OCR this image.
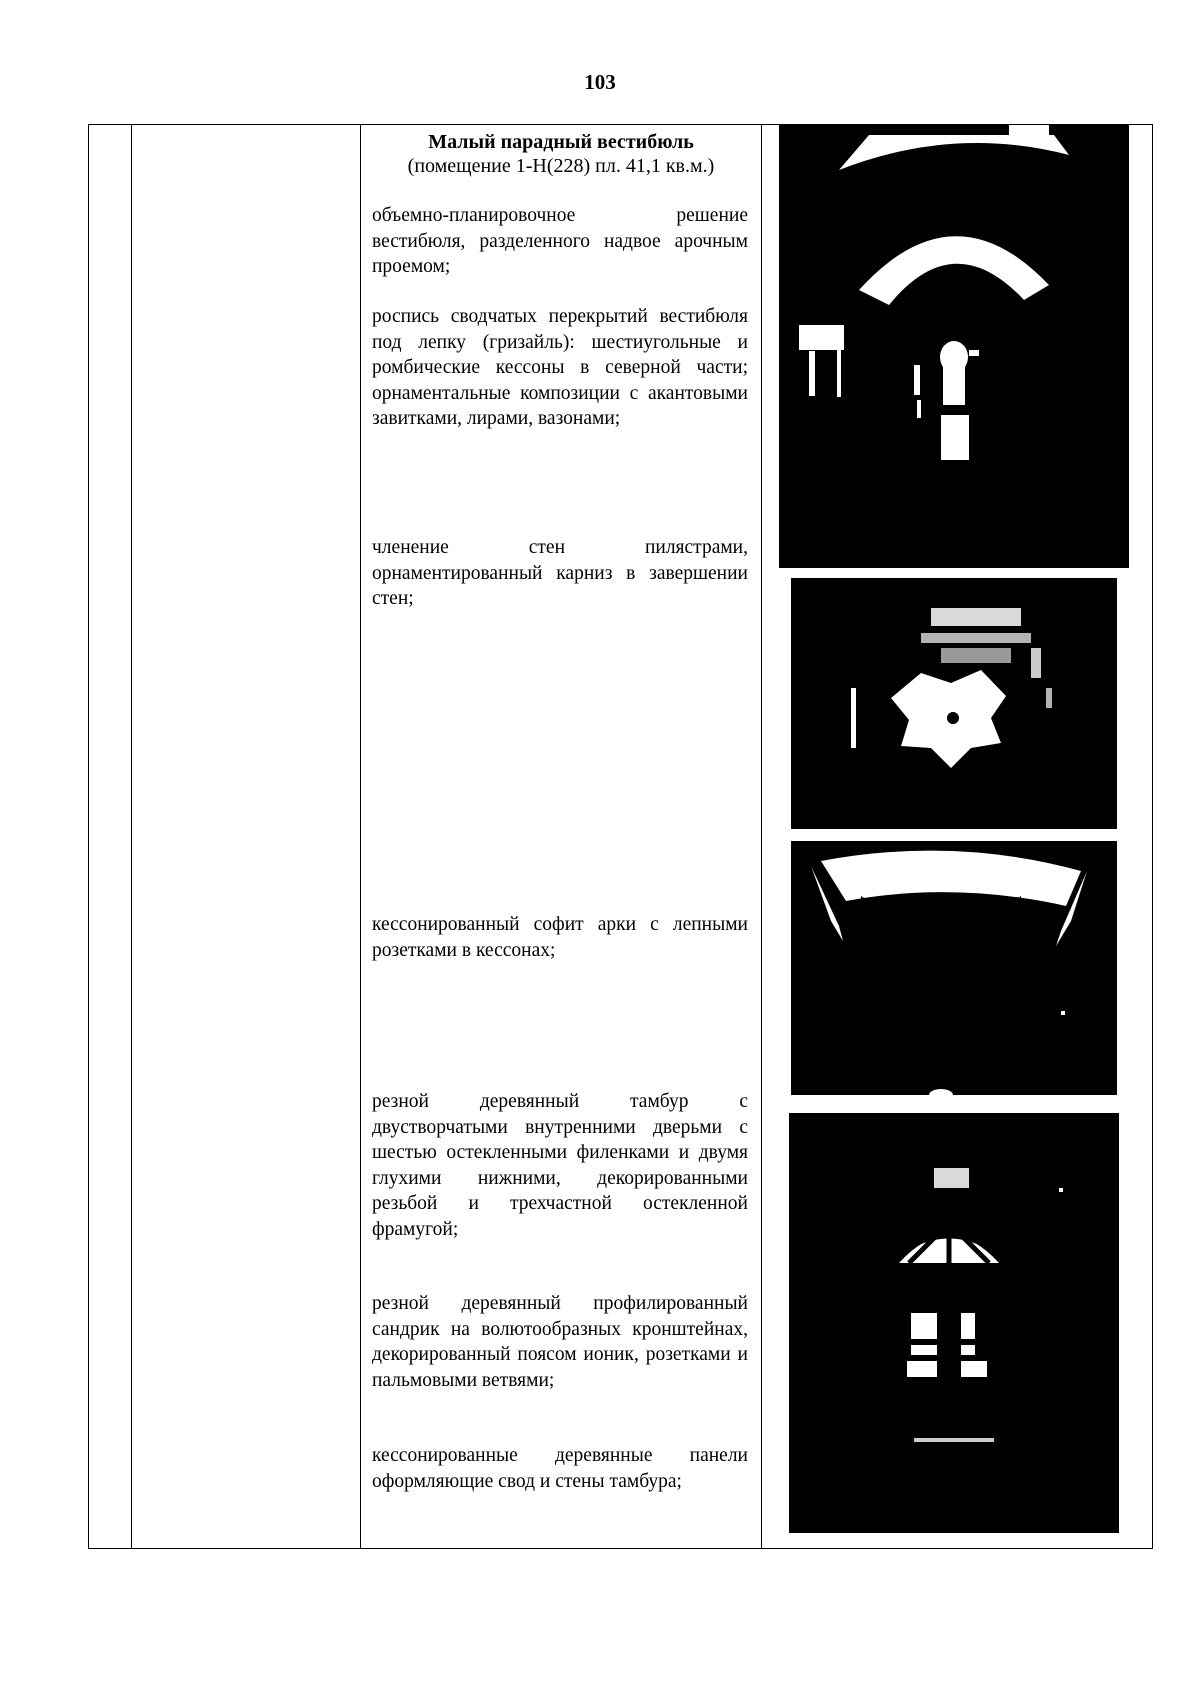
103

Малый парадный вестибюль
(помещение 1-Н(228) пл. 41,1 кв.м.)
объемно-планировочное решение вестибюля, разделенного надвое арочным проемом;
роспись сводчатых перекрытий вестибюля под лепку (гризайль): шестиугольные и ромбические кессоны в северной части; орнаментальные композиции с акантовыми завитками, лирами, вазонами;
членение стен пилястрами, орнаментированный карниз в завершении стен;
кессонированный софит арки с лепными розетками в кессонах;
резной деревянный тамбур с двустворчатыми внутренними дверьми с шестью остекленными филенками и двумя глухими нижними, декорированными резьбой и трехчастной остекленной фрамугой;
резной деревянный профилированный сандрик на волютообразных кронштейнах, декорированный поясом ионик, розетками и пальмовыми ветвями;
кессонированные деревянные панели оформляющие свод и стены тамбура;
